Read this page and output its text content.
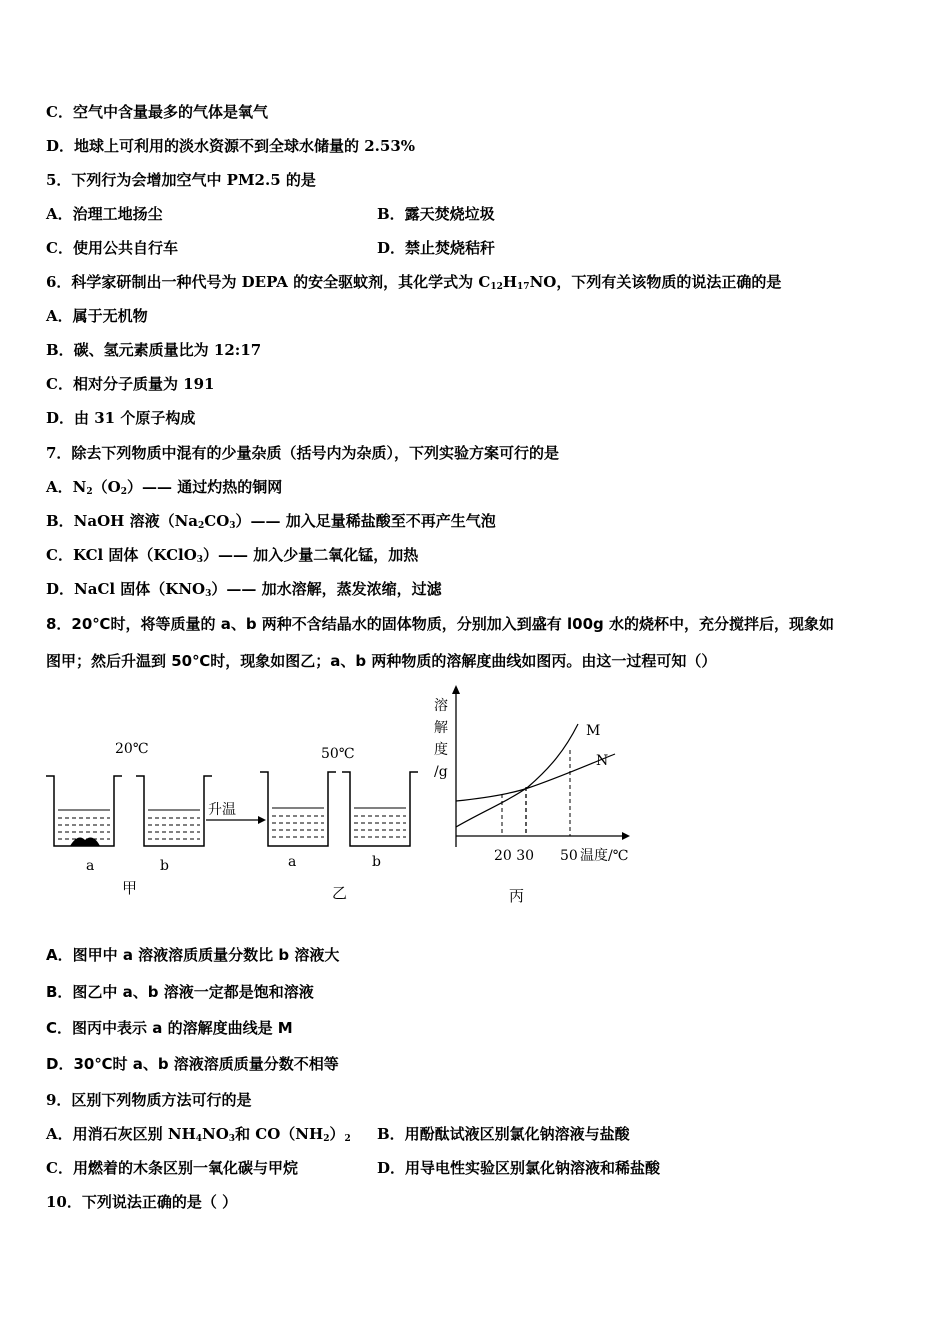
C．空气中含量最多的气体是氧气
D．地球上可利用的淡水资源不到全球水储量的 2.53%
5．下列行为会增加空气中 PM2.5 的是
A．治理工地扬尘	B．露天焚烧垃圾
C．使用公共自行车	D．禁止焚烧秸秆
6．科学家研制出一种代号为 DEPA 的安全驱蚊剂，其化学式为 $C_{12}H_{17}NO$，下列有关该物质的说法正确的是
A．属于无机物
B．碳、氢元素质量比为 12:17
C．相对分子质量为 191
D．由 31 个原子构成
7．除去下列物质中混有的少量杂质（括号内为杂质），下列实验方案可行的是
A．$N_2(O_2)——$ 通过灼热的铜网
B．NaOH 溶液$(Na_2CO_3)——$ 加入足量稀盐酸至不再产生气泡
C．KCl 固体（KClO$_3$）—— 加入少量二氧化锰，加热
D．NaCl 固体$(KNO_3)——$ 加水溶解，蒸发浓缩，过滤
8．20℃时，将等质量的 a、b 两种不含结晶水的固体物质，分别加入到盛有 l00g 水的烧杯中，充分搅拌后，现象如
图甲；然后升温到 50℃时，现象如图乙；a、b 两种物质的溶解度曲线如图丙。由这一过程可知（）
20℃
a	b
甲
升温
50℃
a	b
乙
溶
解
度
/g
M
N
20 30 50 温度/℃
丙
A．图甲中 a 溶液溶质质量分数比 b 溶液大
B．图乙中 a、b 溶液一定都是饱和溶液
C．图丙中表示 a 的溶解度曲线是 M
D．30℃时 a、b 溶液溶质质量分数不相等
9．区别下列物质方法可行的是
A．用消石灰区别 $NH_4NO_3$和 $CO(NH_2)_2$ B．用酚酞试液区别氯化钠溶液与盐酸
C．用燃着的木条区别一氧化碳与甲烷	D．用导电性实验区别氯化钠溶液和稀盐酸
10．下列说法正确的是（ ）
